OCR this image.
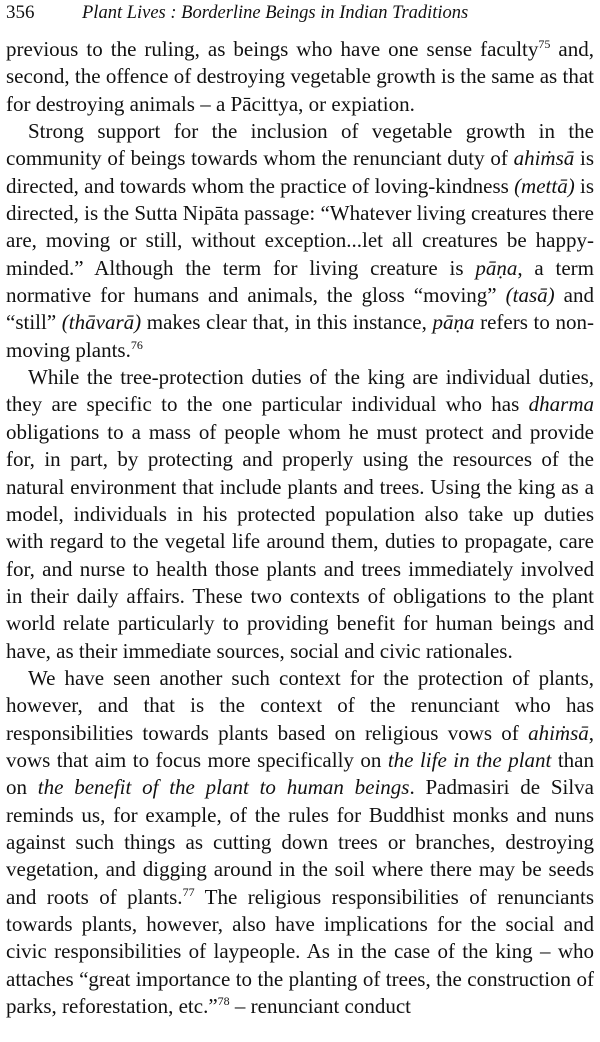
356	Plant Lives : Borderline Beings in Indian Traditions

previous to the ruling, as beings who have one sense faculty$^{75}$ and, second, the offence of destroying vegetable growth is the same as that for destroying animals – a Pācittya, or expiation.

Strong support for the inclusion of vegetable growth in the community of beings towards whom the renunciant duty of ahiṁsā is directed, and towards whom the practice of loving-kindness (mettā) is directed, is the Sutta Nipāta passage: “Whatever living creatures there are, moving or still, without exception...let all creatures be happy-minded.” Although the term for living creature is pāṇa, a term normative for humans and animals, the gloss “moving” (tasā) and “still” (thāvarā) makes clear that, in this instance, pāṇa refers to non-moving plants.$^{76}$

While the tree-protection duties of the king are individual duties, they are specific to the one particular individual who has dharma obligations to a mass of people whom he must protect and provide for, in part, by protecting and properly using the resources of the natural environment that include plants and trees. Using the king as a model, individuals in his protected population also take up duties with regard to the vegetal life around them, duties to propagate, care for, and nurse to health those plants and trees immediately involved in their daily affairs. These two contexts of obligations to the plant world relate particularly to providing benefit for human beings and have, as their immediate sources, social and civic rationales.

We have seen another such context for the protection of plants, however, and that is the context of the renunciant who has responsibilities towards plants based on religious vows of ahiṁsā, vows that aim to focus more specifically on the life in the plant than on the benefit of the plant to human beings. Padmasiri de Silva reminds us, for example, of the rules for Buddhist monks and nuns against such things as cutting down trees or branches, destroying vegetation, and digging around in the soil where there may be seeds and roots of plants.$^{77}$ The religious responsibilities of renunciants towards plants, however, also have implications for the social and civic responsibilities of laypeople. As in the case of the king – who attaches “great importance to the planting of trees, the construction of parks, reforestation, etc.”$^{78}$ – renunciant conduct
